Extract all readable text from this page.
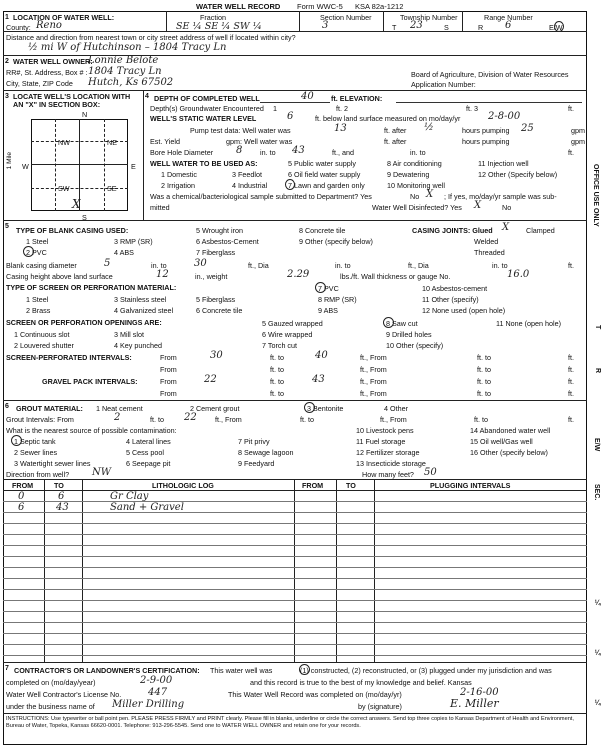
WATER WELL RECORD Form WWC-5 KSA 82a-1212
1 LOCATION OF WATER WELL:
County: Reno
Fraction
SE ¼ SE ¼ SW ¼
Section Number
3
Township Number
T 23	S
Range Number
R 6	E/W
Distance and direction from nearest town or city street address of well if located within city?
½ mi W of Hutchinson – 1804 Tracy Ln
2 WATER WELL OWNER:
Lonnie Belote
RR#, St. Address, Box # : 1804 Tracy Ln
City, State, ZIP Code Hutch, Ks 67502
Board of Agriculture, Division of Water Resources
Application Number:
3 LOCATE WELL'S LOCATION WITH
AN "X" IN SECTION BOX:
4
N
S
W	E
NW	NE
SW	SE
1 Mile
X
DEPTH OF COMPLETED WELL	40 ft. ELEVATION:
Depth(s) Groundwater Encountered 1	ft. 2	ft. 3	ft.
WELL'S STATIC WATER LEVEL	6	ft. below land surface measured on mo/day/yr	2-8-00
Pump test data: Well water was	13	ft. after ½	hours pumping 25	gpm
Est. Yield	gpm: Well water was	ft. after	hours pumping	gpm
Bore Hole Diameter 8 in. to 43	ft., and	in. to	ft.
WELL WATER TO BE USED AS:
1 Domestic
2 Irrigation
3 Feedlot
4 Industrial
5 Public water supply
6 Oil field water supply
7 Lawn and garden only
8 Air conditioning
9 Dewatering
10 Monitoring well
11 Injection well
12 Other (Specify below)
Was a chemical/bacteriological sample submitted to Department? Yes	No X ; If yes, mo/day/yr sample was sub-
mitted	Water Well Disinfected? Yes X	No
5 TYPE OF BLANK CASING USED:
1 Steel
2 PVC
3 RMP (SR)
4 ABS
5 Wrought iron
6 Asbestos-Cement
7 Fiberglass
8 Concrete tile
9 Other (specify below)
CASING JOINTS: Glued X Clamped
Welded
Threaded
Blank casing diameter	5	in. to	30	ft., Dia	in. to	ft., Dia	in. to	ft.
Casing height above land surface	12	in., weight	2.29	lbs./ft. Wall thickness or gauge No.	16.0
TYPE OF SCREEN OR PERFORATION MATERIAL:
1 Steel
2 Brass
3 Stainless steel
4 Galvanized steel
5 Fiberglass
6 Concrete tile
7 PVC
8 RMP (SR)
9 ABS
10 Asbestos-cement
11 Other (specify)
12 None used (open hole)
SCREEN OR PERFORATION OPENINGS ARE:
1 Continuous slot
2 Louvered shutter
3 Mill slot
4 Key punched
5 Gauzed wrapped
6 Wire wrapped
7 Torch cut
8 Saw cut
9 Drilled holes
10 Other (specify)
11 None (open hole)
SCREEN-PERFORATED INTERVALS:	From	30	ft. to	40	ft., From	ft. to	ft.
From	ft. to	ft., From	ft. to	ft.
GRAVEL PACK INTERVALS:	From	22	ft. to	43	ft., From	ft. to	ft.
From	ft. to	ft., From	ft. to	ft.
6 GROUT MATERIAL: 1 Neat cement	2 Cement grout	3 Bentonite	4 Other
Grout Intervals: From	2	ft. to 22	ft., From	ft. to	ft., From	ft. to	ft.
What is the nearest source of possible contamination:
1 Septic tank
2 Sewer lines
3 Watertight sewer lines
4 Lateral lines
5 Cess pool
6 Seepage pit
7 Pit privy
8 Sewage lagoon
9 Feedyard
10 Livestock pens
11 Fuel storage
12 Fertilizer storage
13 Insecticide storage
14 Abandoned water well
15 Oil well/Gas well
16 Other (specify below)
Direction from well? NW	How many feet? 50
FROM	TO	LITHOLOGIC LOG	FROM	TO	PLUGGING INTERVALS
0	6	Gr Clay
6	43	Sand + Gravel
7 CONTRACTOR'S OR LANDOWNER'S CERTIFICATION: This water well was	(1) constructed, (2) reconstructed, or (3) plugged under my jurisdiction and was
completed on (mo/day/year)	2-9-00	and this record is true to the best of my knowledge and belief. Kansas
Water Well Contractor's License No.	447	This Water Well Record was completed on (mo/day/yr)	2-16-00
under the business name of Miller Drilling	by (signature)	E. Miller
INSTRUCTIONS: Use typewriter or ball point pen. PLEASE PRESS FIRMLY and PRINT clearly. Please fill in blanks, underline or circle the correct answers. Send top three copies to Kansas Department of Health and Environment, Bureau of Water, Topeka, Kansas 66620-0001. Telephone: 913-296-5545. Send one to WATER WELL OWNER and retain one for your records.
OFFICE USE ONLY
T
R
E/W
SEC.
¼
¼
¼
